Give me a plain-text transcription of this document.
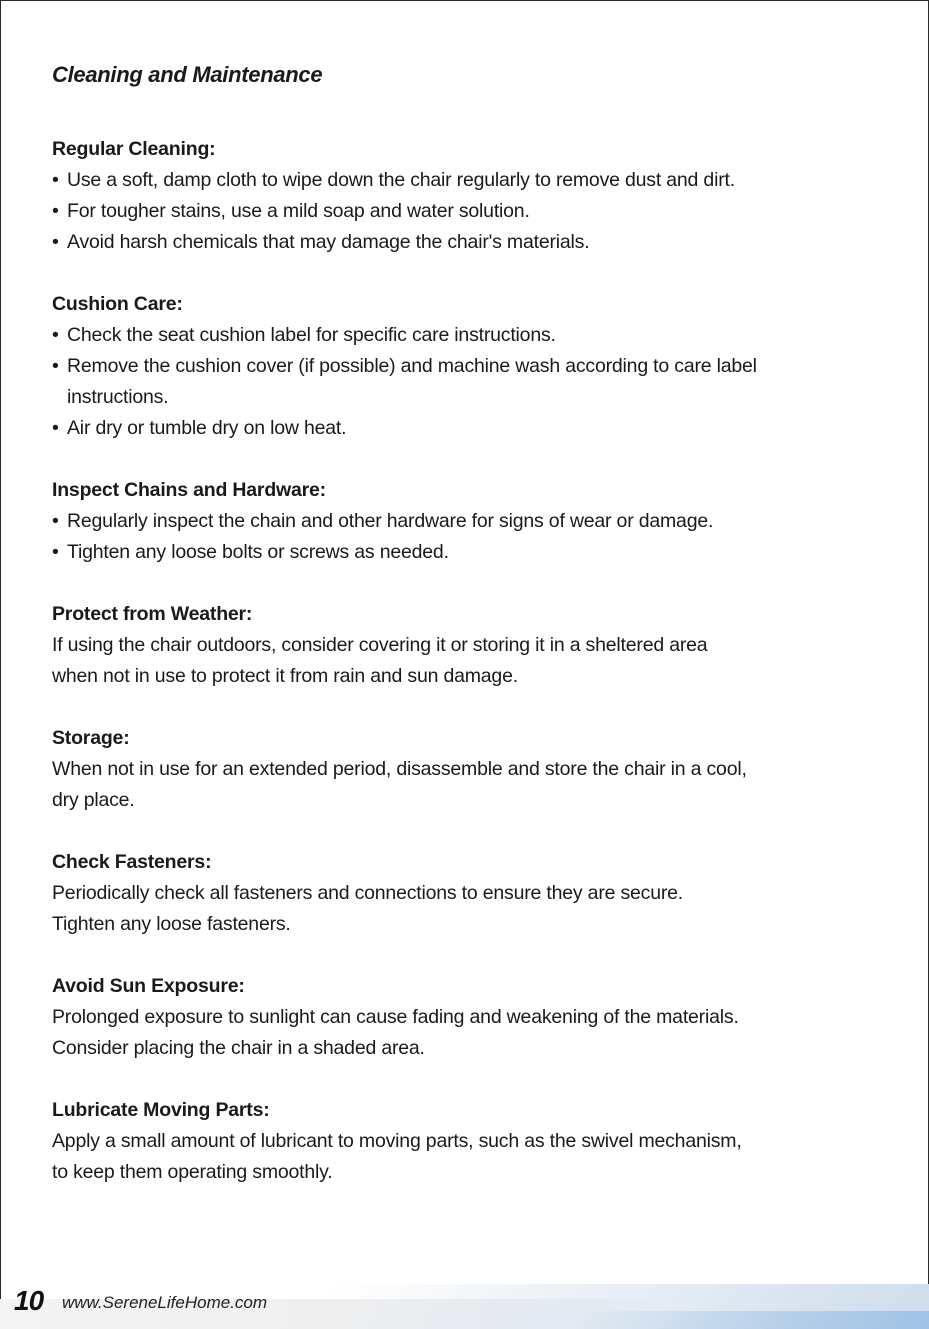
Cleaning and Maintenance

Regular Cleaning:

• Use a soft, damp cloth to wipe down the chair regularly to remove dust and dirt.

• For tougher stains, use a mild soap and water solution.

• Avoid harsh chemicals that may damage the chair's materials.

Cushion Care:

• Check the seat cushion label for specific care instructions.

• Remove the cushion cover (if possible) and machine wash according to care label instructions.

• Air dry or tumble dry on low heat.

Inspect Chains and Hardware:

• Regularly inspect the chain and other hardware for signs of wear or damage.

• Tighten any loose bolts or screws as needed.

Protect from Weather:

If using the chair outdoors, consider covering it or storing it in a sheltered area

when not in use to protect it from rain and sun damage.

Storage:

When not in use for an extended period, disassemble and store the chair in a cool,

dry place.

Check Fasteners:

Periodically check all fasteners and connections to ensure they are secure.

Tighten any loose fasteners.

Avoid Sun Exposure:

Prolonged exposure to sunlight can cause fading and weakening of the materials.

Consider placing the chair in a shaded area.

Lubricate Moving Parts:

Apply a small amount of lubricant to moving parts, such as the swivel mechanism,

to keep them operating smoothly.

10 www.SereneLifeHome.com
